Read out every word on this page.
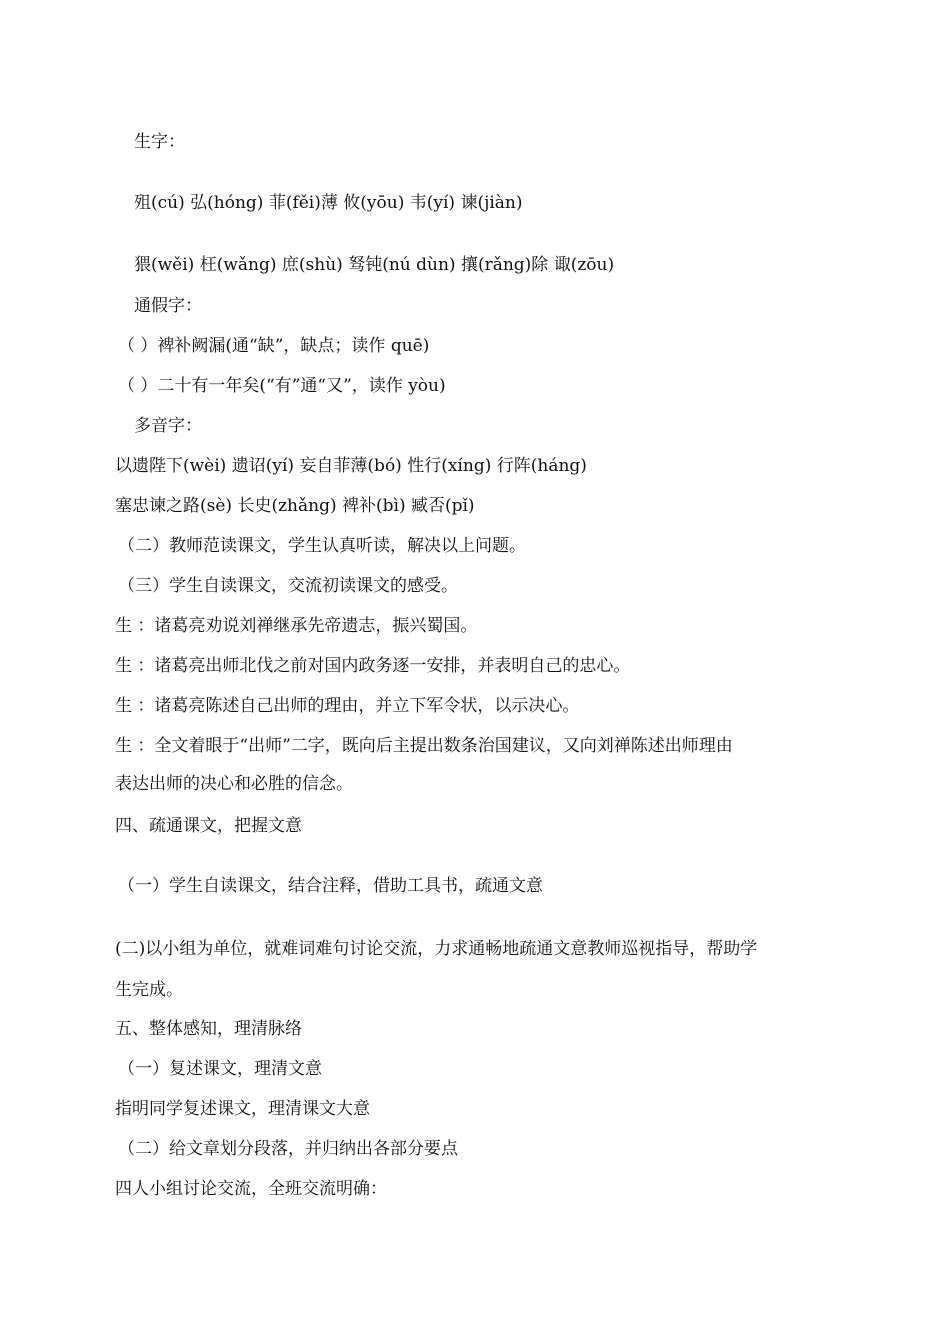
生字：

殂(cú) 弘(hóng) 菲(fěi)薄 攸(yōu) 韦(yí) 谏(jiàn)

猥(wěi) 枉(wǎng) 庶(shù) 驽钝(nú dùn) 攘(rǎng)除 诹(zōu)

通假字：

（ ）裨补阙漏(通“缺”，缺点；读作 quē)

（ ）二十有一年矣(“有”通“又”，读作 yòu)

多音字：

以遗陛下(wèi) 遗诏(yí) 妄自菲薄(bó) 性行(xíng) 行阵(háng)

塞忠谏之路(sè) 长史(zhǎng) 裨补(bì) 臧否(pǐ)

（二）教师范读课文，学生认真听读，解决以上问题。

（三）学生自读课文，交流初读课文的感受。

生 ：诸葛亮劝说刘禅继承先帝遗志，振兴蜀国。

生 ：诸葛亮出师北伐之前对国内政务逐一安排，并表明自己的忠心。

生 ：诸葛亮陈述自己出师的理由，并立下军令状，以示决心。

生 ：全文着眼于“出师”二字，既向后主提出数条治国建议，又向刘禅陈述出师理由

表达出师的决心和必胜的信念。

四、疏通课文，把握文意

（一）学生自读课文，结合注释，借助工具书，疏通文意

(二)以小组为单位，就难词难句讨论交流，力求通畅地疏通文意教师巡视指导，帮助学

生完成。

五、整体感知，理清脉络

（一）复述课文，理清文意

指明同学复述课文，理清课文大意

（二）给文章划分段落，并归纳出各部分要点

四人小组讨论交流，全班交流明确：
